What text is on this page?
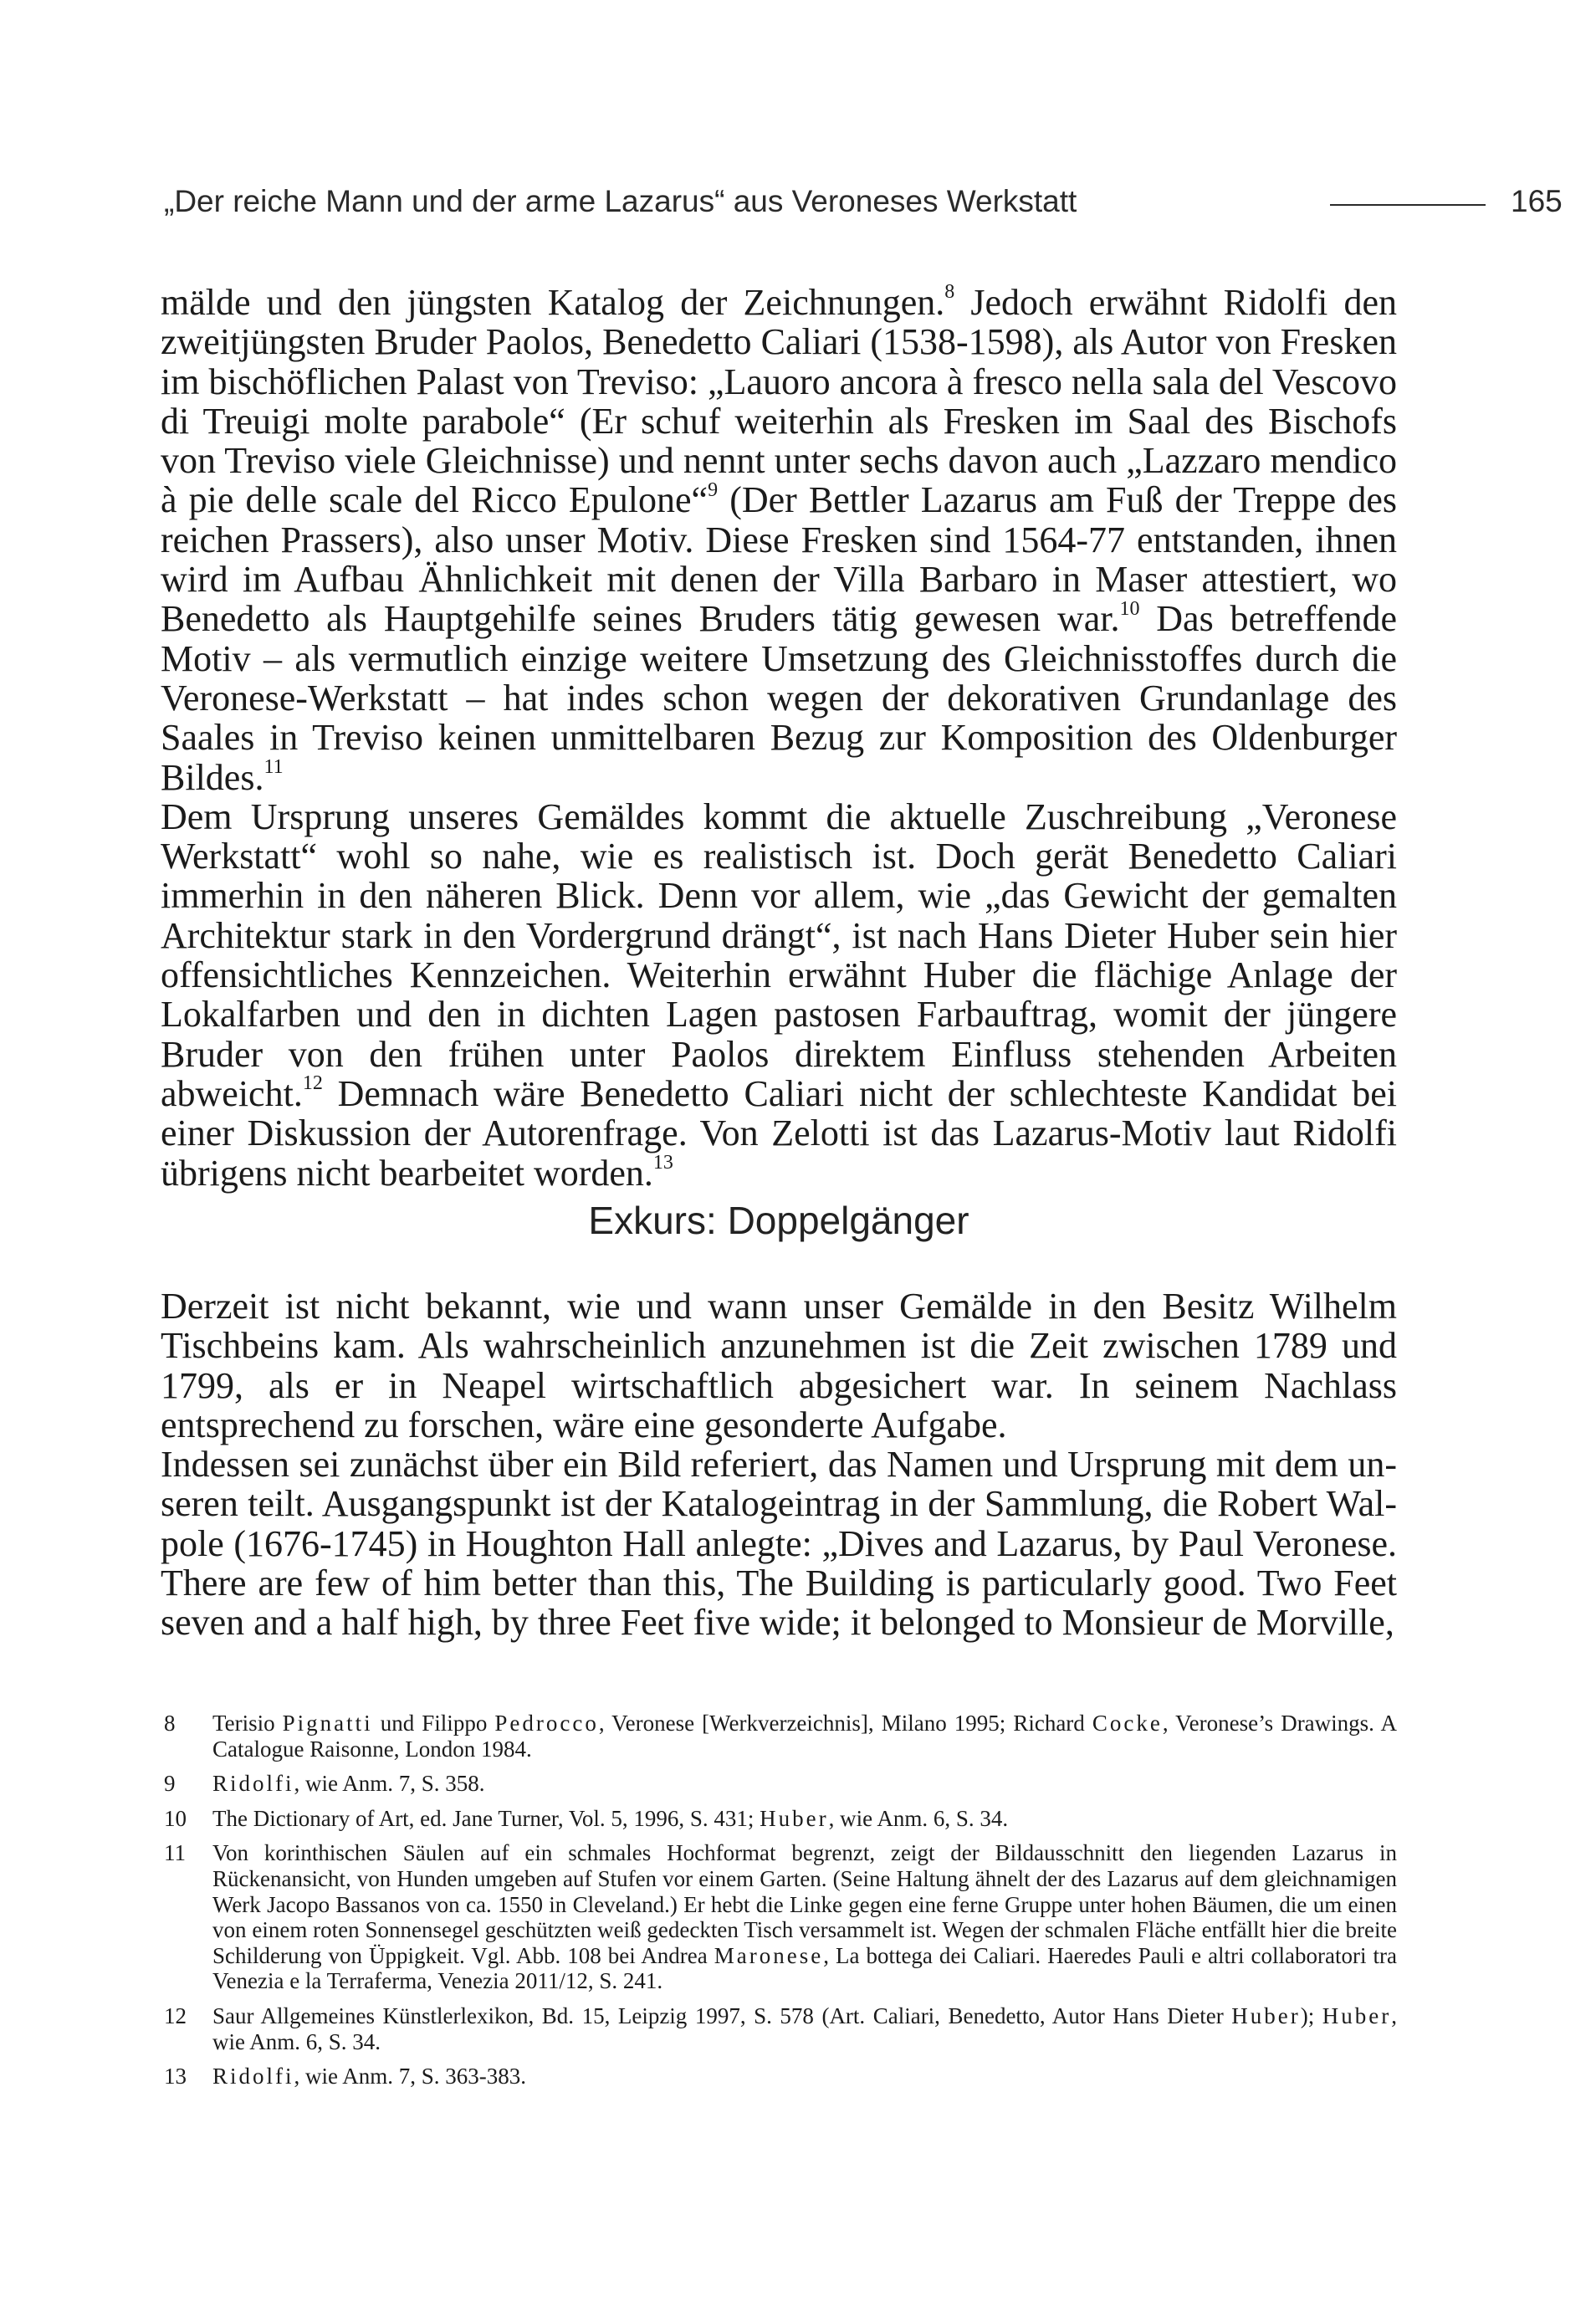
„Der reiche Mann und der arme Lazarus“ aus Veroneses Werkstatt	165

mälde und den jüngsten Katalog der Zeichnungen.$^8$ Jedoch erwähnt Ridolfi den zweitjüngsten Bruder Paolos, Benedetto Caliari (1538-1598), als Autor von Fresken im bischöflichen Palast von Treviso: „Lauoro ancora à fresco nella sala del Vescovo di Treuigi molte parabole“ (Er schuf weiterhin als Fresken im Saal des Bischofs von Treviso viele Gleichnisse) und nennt unter sechs davon auch „Lazzaro mendico à pie delle scale del Ricco Epulone“$^9$ (Der Bettler Lazarus am Fuß der Treppe des reichen Prassers), also unser Motiv. Diese Fresken sind 1564-77 entstanden, ihnen wird im Aufbau Ähnlichkeit mit denen der Villa Barbaro in Maser attestiert, wo Benedetto als Hauptgehilfe seines Bruders tätig gewesen war.$^{10}$ Das betreffende Motiv – als vermutlich einzige weitere Umsetzung des Gleichnisstoffes durch die Veronese-Werkstatt – hat indes schon wegen der dekorativen Grundanlage des Saales in Treviso keinen unmittelbaren Bezug zur Komposition des Oldenburger Bildes.$^{11}$

Dem Ursprung unseres Gemäldes kommt die aktuelle Zuschreibung „Veronese Werkstatt“ wohl so nahe, wie es realistisch ist. Doch gerät Benedetto Caliari immerhin in den näheren Blick. Denn vor allem, wie „das Gewicht der gemalten Architektur stark in den Vordergrund drängt“, ist nach Hans Dieter Huber sein hier offensichtliches Kennzeichen. Weiterhin erwähnt Huber die flächige Anlage der Lokalfarben und den in dichten Lagen pastosen Farbauftrag, womit der jüngere Bruder von den frühen unter Paolos direktem Einfluss stehenden Arbeiten abweicht.$^{12}$ Demnach wäre Benedetto Caliari nicht der schlechteste Kandidat bei einer Diskussion der Autorenfrage. Von Zelotti ist das Lazarus-Motiv laut Ridolfi übrigens nicht bearbeitet worden.$^{13}$

Exkurs: Doppelgänger

Derzeit ist nicht bekannt, wie und wann unser Gemälde in den Besitz Wilhelm Tischbeins kam. Als wahrscheinlich anzunehmen ist die Zeit zwischen 1789 und 1799, als er in Neapel wirtschaftlich abgesichert war. In seinem Nachlass entsprechend zu forschen, wäre eine gesonderte Aufgabe.

Indessen sei zunächst über ein Bild referiert, das Namen und Ursprung mit dem unseren teilt. Ausgangspunkt ist der Katalogeintrag in der Sammlung, die Robert Walpole (1676-1745) in Houghton Hall anlegte: „Dives and Lazarus, by Paul Veronese. There are few of him better than this, The Building is particularly good. Two Feet seven and a half high, by three Feet five wide; it belonged to Monsieur de Morville,

8 Terisio Pignatti und Filippo Pedrocco, Veronese [Werkverzeichnis], Milano 1995; Richard Cocke, Veronese’s Drawings. A Catalogue Raisonne, London 1984.
9 Ridolfi, wie Anm. 7, S. 358.
10 The Dictionary of Art, ed. Jane Turner, Vol. 5, 1996, S. 431; Huber, wie Anm. 6, S. 34.
11 Von korinthischen Säulen auf ein schmales Hochformat begrenzt, zeigt der Bildausschnitt den liegenden Lazarus in Rückenansicht, von Hunden umgeben auf Stufen vor einem Garten. (Seine Haltung ähnelt der des Lazarus auf dem gleichnamigen Werk Jacopo Bassanos von ca. 1550 in Cleveland.) Er hebt die Linke gegen eine ferne Gruppe unter hohen Bäumen, die um einen von einem roten Sonnensegel geschützten weiß gedeckten Tisch versammelt ist. Wegen der schmalen Fläche entfällt hier die breite Schilderung von Üppigkeit. Vgl. Abb. 108 bei Andrea Maronese, La bottega dei Caliari. Haeredes Pauli e altri collaboratori tra Venezia e la Terraferma, Venezia 2011/12, S. 241.
12 Saur Allgemeines Künstlerlexikon, Bd. 15, Leipzig 1997, S. 578 (Art. Caliari, Benedetto, Autor Hans Dieter Huber); Huber, wie Anm. 6, S. 34.
13 Ridolfi, wie Anm. 7, S. 363-383.
